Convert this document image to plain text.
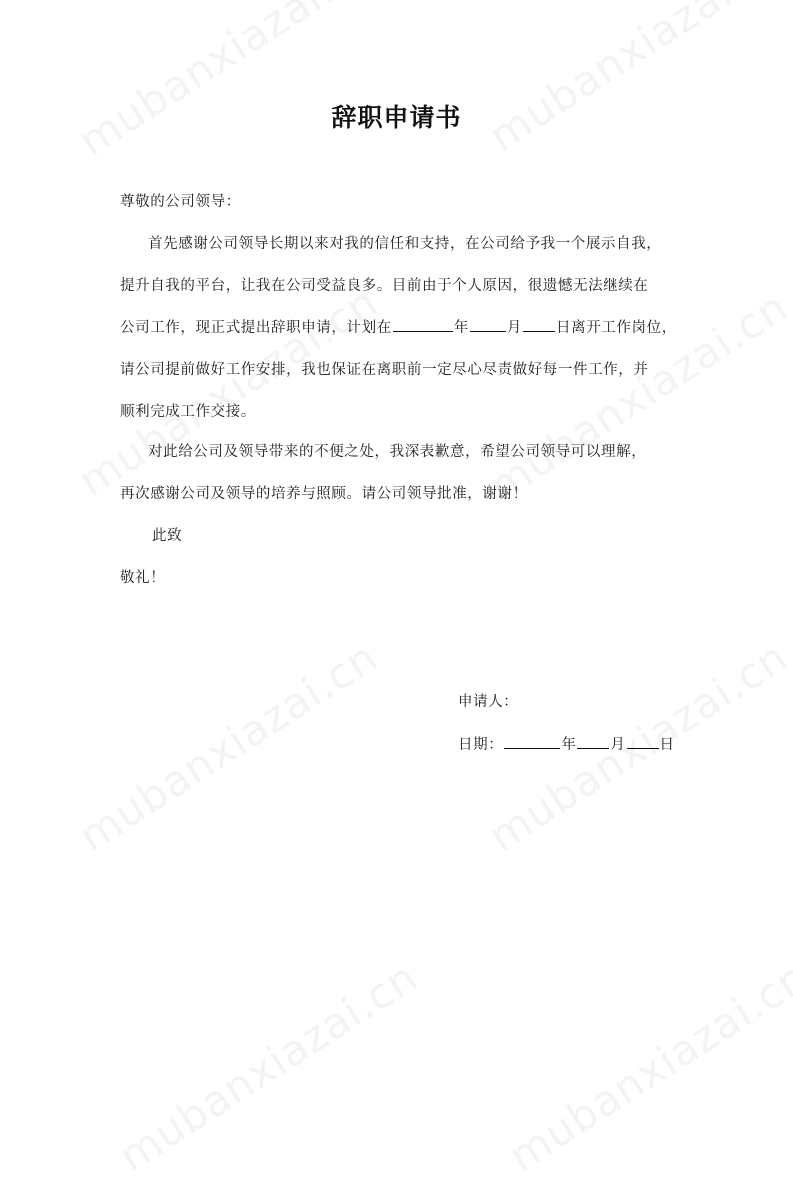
辞职申请书
尊敬的公司领导：
首先感谢公司领导长期以来对我的信任和支持，在公司给予我一个展示自我，
提升自我的平台，让我在公司受益良多。目前由于个人原因，很遗憾无法继续在
公司工作，现正式提出辞职申请，计划在	年	月 日离开工作岗位，
请公司提前做好工作安排，我也保证在离职前一定尽心尽责做好每一件工作，并
顺利完成工作交接。
对此给公司及领导带来的不便之处，我深表歉意，希望公司领导可以理解，
再次感谢公司及领导的培养与照顾。请公司领导批准，谢谢！
此致
敬礼！
申请人：
日期：	年 月 日
